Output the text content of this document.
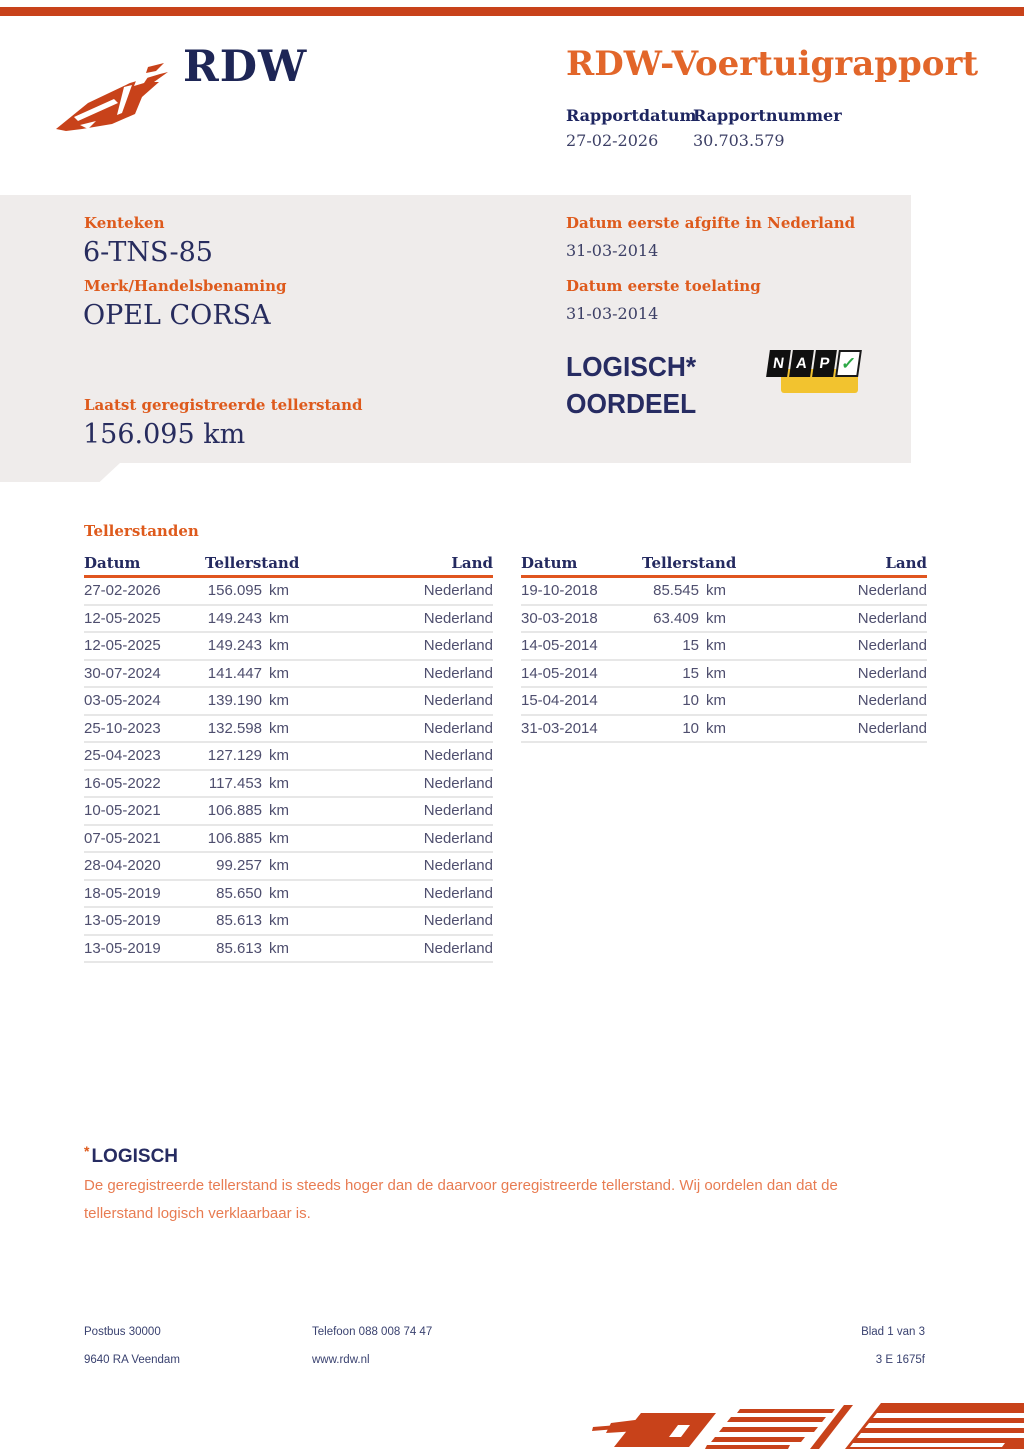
RDW	RDW-Voertuigrapport
Rapportdatum
27-02-2026
Rapportnummer
30.703.579
Kenteken
6-TNS-85
Merk/Handelsbenaming
OPEL CORSA
Laatst geregistreerde tellerstand
156.095 km
Datum eerste afgifte in Nederland
31-03-2014
Datum eerste toelating
31-03-2014
LOGISCH*
OORDEEL
N A P ✓
Tellerstanden
Datum	Tellerstand	Land
27-02-2026	156.095 km	Nederland
12-05-2025	149.243 km	Nederland
12-05-2025	149.243 km	Nederland
30-07-2024	141.447 km	Nederland
03-05-2024	139.190 km	Nederland
25-10-2023	132.598 km	Nederland
25-04-2023	127.129 km	Nederland
16-05-2022	117.453 km	Nederland
10-05-2021	106.885 km	Nederland
07-05-2021	106.885 km	Nederland
28-04-2020	99.257 km	Nederland
18-05-2019	85.650 km	Nederland
13-05-2019	85.613 km	Nederland
13-05-2019	85.613 km	Nederland
Datum	Tellerstand	Land
19-10-2018	85.545 km	Nederland
30-03-2018	63.409 km	Nederland
14-05-2014	15 km	Nederland
14-05-2014	15 km	Nederland
15-04-2014	10 km	Nederland
31-03-2014	10 km	Nederland
* LOGISCH
De geregistreerde tellerstand is steeds hoger dan de daarvoor geregistreerde tellerstand. Wij oordelen dan dat de tellerstand logisch verklaarbaar is.
Postbus 30000
9640 RA Veendam
Telefoon 088 008 74 47
www.rdw.nl
Blad 1 van 3
3 E 1675f
